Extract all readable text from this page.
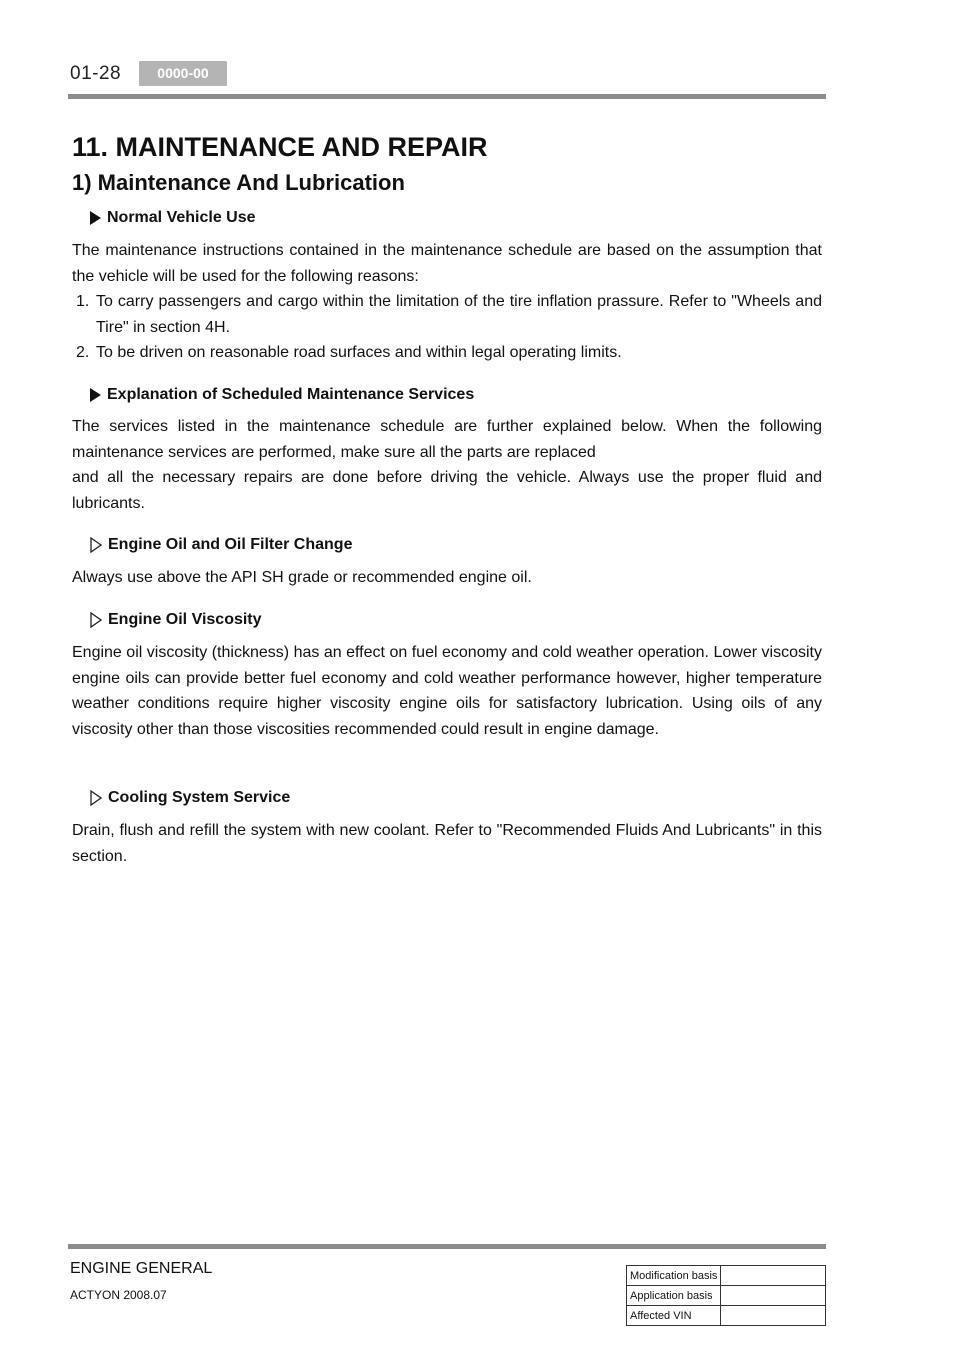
01-28	0000-00
11. MAINTENANCE AND REPAIR
1) Maintenance And Lubrication
Normal Vehicle Use

The maintenance instructions contained in the maintenance schedule are based on the assumption that the vehicle will be used for the following reasons:

1. To carry passengers and cargo within the limitation of the tire inflation prassure. Refer to "Wheels and Tire" in section 4H.
2. To be driven on reasonable road surfaces and within legal operating limits.
Explanation of Scheduled Maintenance Services

The services listed in the maintenance schedule are further explained below. When the following maintenance services are performed, make sure all the parts are replaced

and all the necessary repairs are done before driving the vehicle. Always use the proper fluid and lubricants.

Engine Oil and Oil Filter Change

Always use above the API SH grade or recommended engine oil.

Engine Oil Viscosity

Engine oil viscosity (thickness) has an effect on fuel economy and cold weather operation. Lower viscosity engine oils can provide better fuel economy and cold weather performance however, higher temperature weather conditions require higher viscosity engine oils for satisfactory lubrication. Using oils of any viscosity other than those viscosities recommended could result in engine damage.

Cooling System Service

Drain, flush and refill the system with new coolant. Refer to "Recommended Fluids And Lubricants" in this section.

ENGINE GENERAL
ACTYON 2008.07
Modification basis	
Application basis	
Affected VIN	
